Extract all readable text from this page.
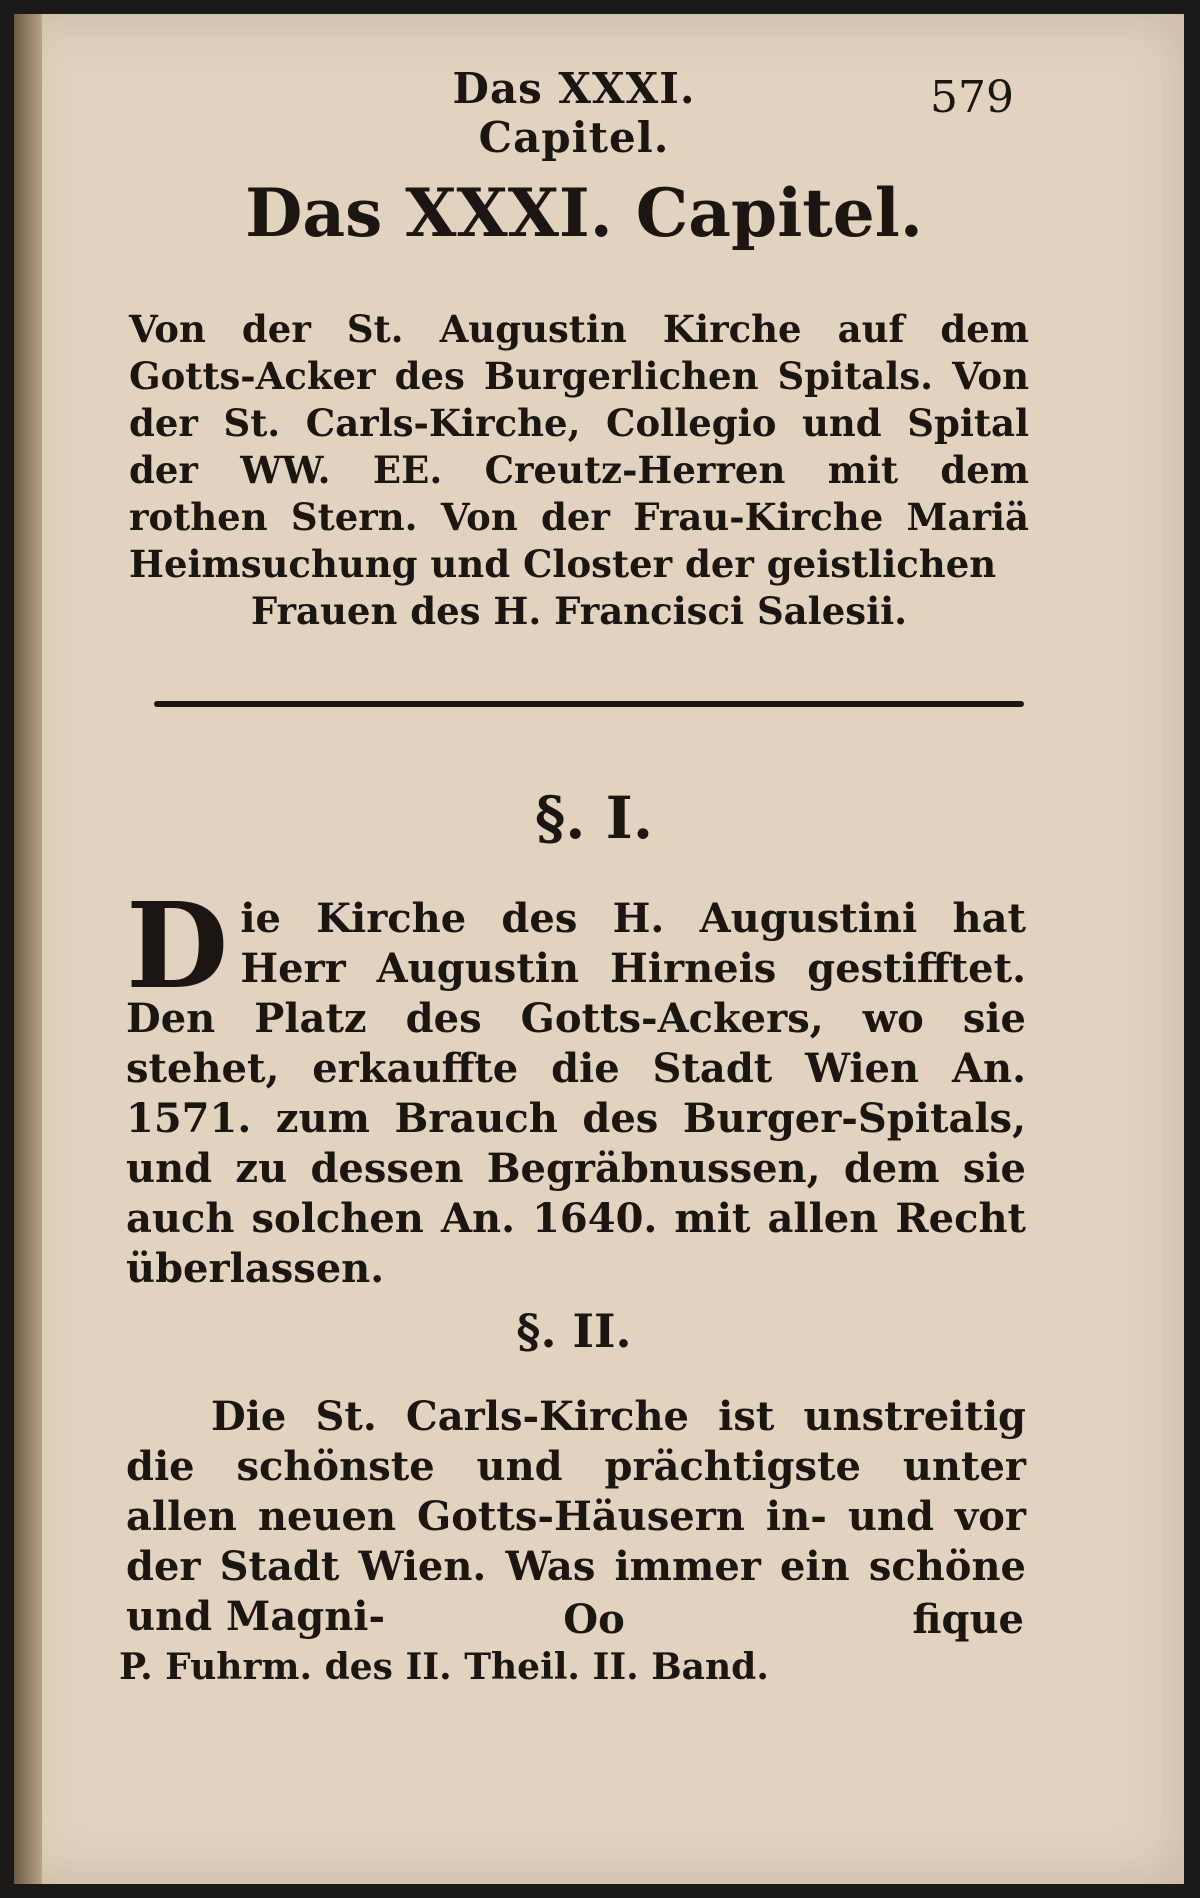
Das XXXI. Capitel.
579
Das XXXI. Capitel.
Von der St. Augustin Kirche auf dem Gotts-Acker des Burgerlichen Spitals. Von der St. Carls-Kirche, Collegio und Spital der WW. EE. Creutz-Herren mit dem rothen Stern. Von der Frau-Kirche Mariä Heimsuchung und Closter der geistlichen
Frauen des H. Francisci Salesii.
§. I.
D ie Kirche des H. Augustini hat Herr Augustin Hirneis gestifftet. Den Platz des Gotts-Ackers, wo sie stehet, erkauffte die Stadt Wien An. 1571. zum Brauch des Burger-Spitals, und zu dessen Begräbnussen, dem sie auch solchen An. 1640. mit allen Recht überlassen.
§. II.
Die St. Carls-Kirche ist unstreitig die schönste und prächtigste unter allen neuen Gotts-Häusern in- und vor der Stadt Wien. Was immer ein schöne und Magni-	Oo	fique
P. Fuhrm. des II. Theil. II. Band.
